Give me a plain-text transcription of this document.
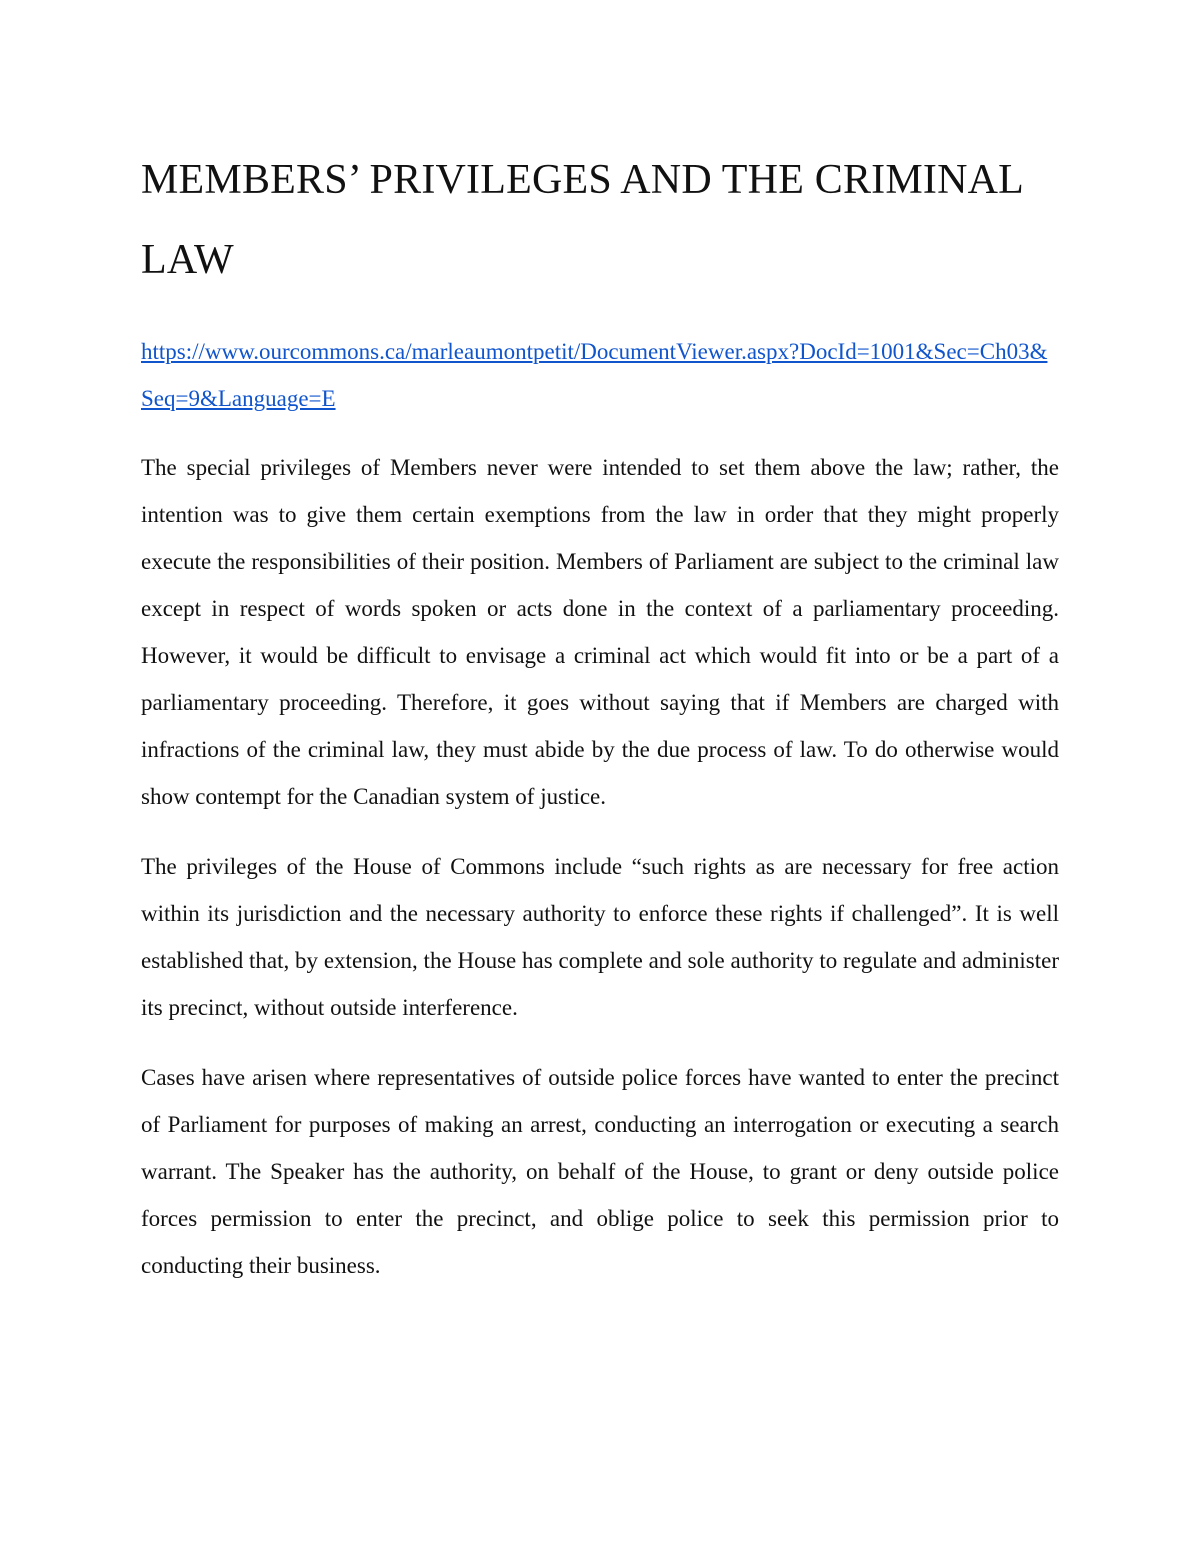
MEMBERS’ PRIVILEGES AND THE CRIMINAL LAW
https://www.ourcommons.ca/marleaumontpetit/DocumentViewer.aspx?DocId=1001&Sec=Ch03&Seq=9&Language=E

The special privileges of Members never were intended to set them above the law; rather, the intention was to give them certain exemptions from the law in order that they might properly execute the responsibilities of their position. Members of Parliament are subject to the criminal law except in respect of words spoken or acts done in the context of a parliamentary proceeding. However, it would be difficult to envisage a criminal act which would fit into or be a part of a parliamentary proceeding. Therefore, it goes without saying that if Members are charged with infractions of the criminal law, they must abide by the due process of law. To do otherwise would show contempt for the Canadian system of justice.

The privileges of the House of Commons include “such rights as are necessary for free action within its jurisdiction and the necessary authority to enforce these rights if challenged”. It is well established that, by extension, the House has complete and sole authority to regulate and administer its precinct, without outside interference.

Cases have arisen where representatives of outside police forces have wanted to enter the precinct of Parliament for purposes of making an arrest, conducting an interrogation or executing a search warrant. The Speaker has the authority, on behalf of the House, to grant or deny outside police forces permission to enter the precinct, and oblige police to seek this permission prior to conducting their business.
